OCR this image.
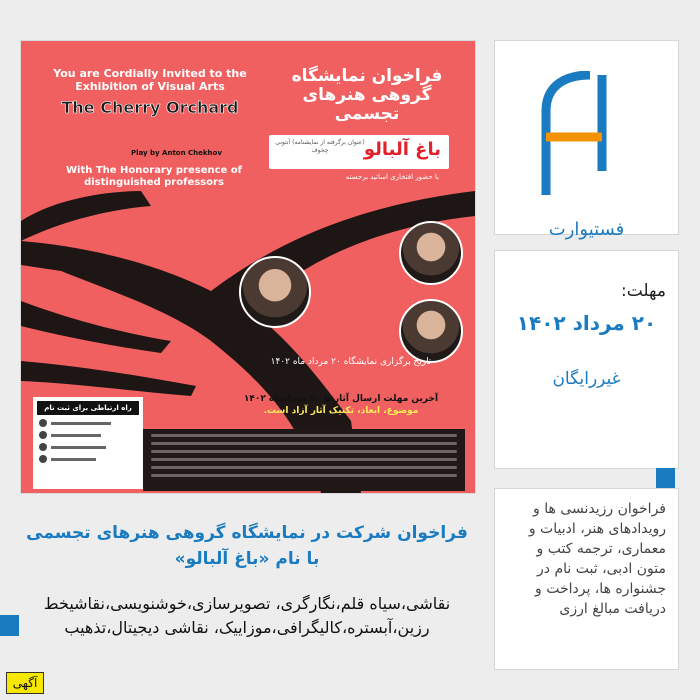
You are Cordially Invited to the Exhibition of Visual Arts
The Cherry Orchard
Play by Anton Chekhov
With The Honorary presence of distinguished professors
فراخوان نمایشگاه گروهی هنرهای تجسمی
باغ آلبالو
(عنوان برگرفته از نمایشنامه) آنتونی چخوف
با حضور افتخاری اساتید برجسته
تاریخ برگزاری نمایشگاه ۲۰ مرداد ماه ۱۴۰۲
آخرین مهلت ارسال آثار تا ۲۰ مردادماه ۱۴۰۲
موضوع، ابعاد، تکنیک آثار آزاد است.
راه ارتباطی برای ثبت نام
فراخوان شرکت در نمایشگاه گروهی هنرهای تجسمی با نام «باغ آلبالو»
نقاشی،سیاه قلم،نگارگری، تصویرسازی،خوشنویسی،نقاشیخط رزین،آبستره،کالیگرافی،موزاییک، نقاشی دیجیتال،تذهیب
آگهی
فستیوارت
مهلت:
۲۰ مرداد ۱۴۰۲
غیررایگان
فراخوان رزیدنسی ها و رویدادهای هنر، ادبیات و معماری، ترجمه کتب و متون ادبی، ثبت نام در جشنواره ها، پرداخت و دریافت مبالغ ارزی
